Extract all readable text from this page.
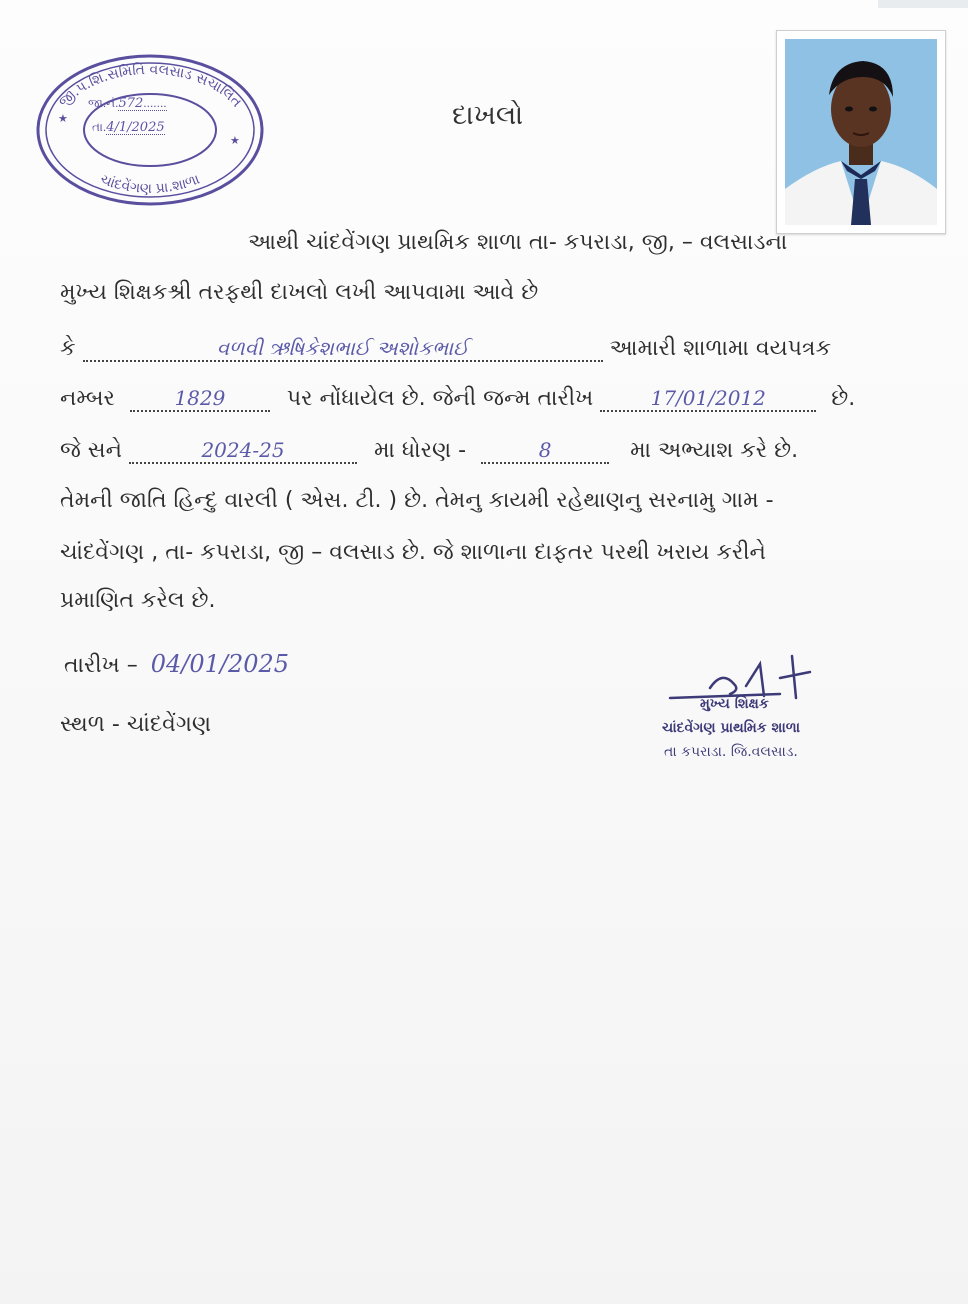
★
★
જી.પં.શિ.સમિતિ વલસાડ સંચાલિત
ચાંદવેંગણ પ્રા.શાળા
જા.નં.572.......
તા.4/1/2025	દાખલો
આથી ચાંદવેંગણ પ્રાથમિક શાળા તા- કપરાડા, જી, – વલસાડના
મુખ્ય શિક્ષકશ્રી તરફથી દાખલો લખી આપવામા આવે છે
કે	વળવી ઋષિકેશભાઈ અશોકભાઈ	આમારી શાળામા વયપત્રક
નમ્બર	1829	પર નોંધાયેલ છે. જેની જન્મ તારીખ	17/01/2012	છે.
જે સને	2024-25	મા ધોરણ -	8	મા અભ્યાશ કરે છે.
તેમની જાતિ હિન્દુ વારલી ( એસ. ટી. ) છે. તેમનુ કાયમી રહેથાણનુ સરનામુ ગામ -
ચાંદવેંગણ , તા- કપરાડા, જી – વલસાડ છે. જે શાળાના દાફતર પરથી ખરાય કરીને
પ્રમાણિત કરેલ છે.
તારીખ – 04/01/2025
સ્થળ - ચાંદવેંગણ
મુખ્ય શિક્ષક
ચાંદવેંગણ પ્રાથમિક શાળા
તા કપરાડા. જિ.વલસાડ.
